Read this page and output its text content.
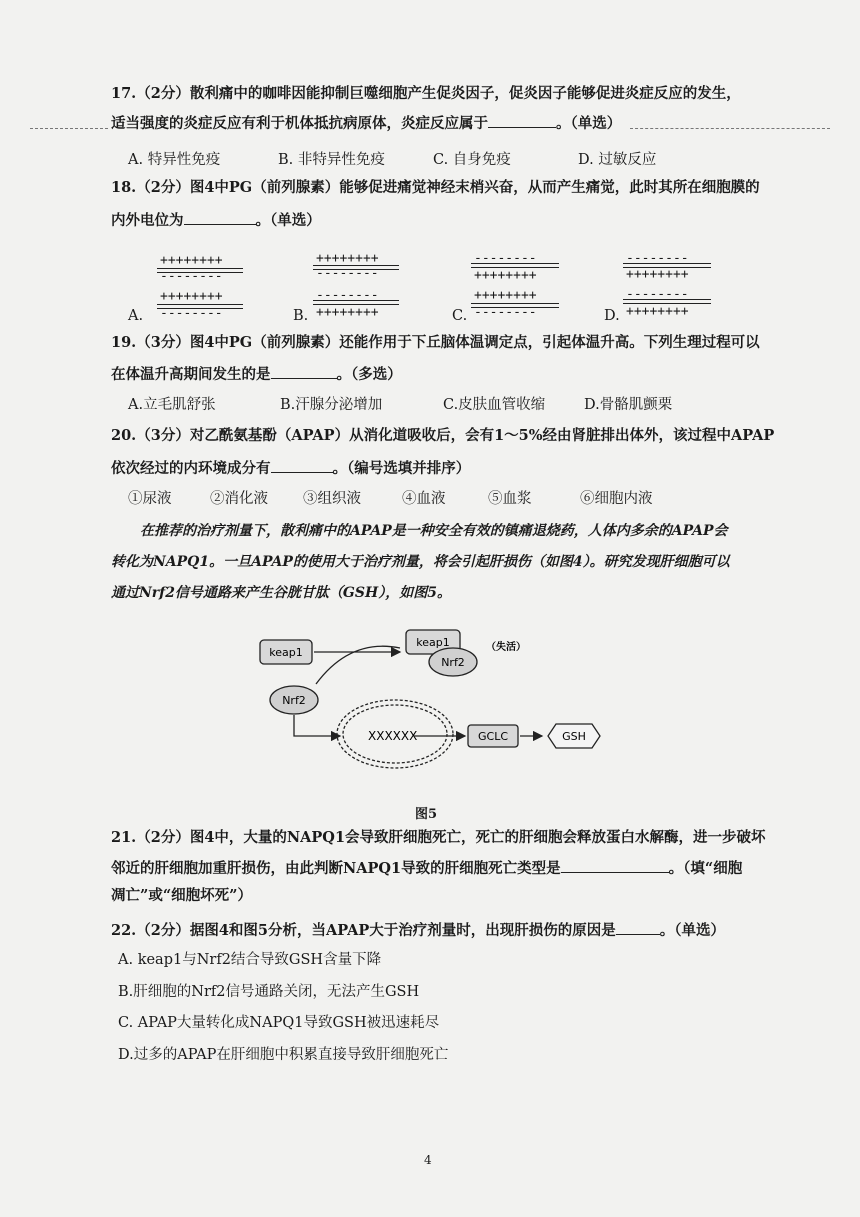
17.（2分）散利痛中的咖啡因能抑制巨噬细胞产生促炎因子，促炎因子能够促进炎症反应的发生，
适当强度的炎症反应有利于机体抵抗病原体，炎症反应属于	。（单选）
A. 特异性免疫	B. 非特异性免疫	C. 自身免疫	D. 过敏反应
18.（2分）图4中PG（前列腺素）能够促进痛觉神经末梢兴奋，从而产生痛觉，此时其所在细胞膜的
内外电位为	。（单选）
A.
++++++++
--------
++++++++
--------	B.
++++++++
--------
--------
++++++++	C.
--------
++++++++
++++++++
--------	D.
--------
++++++++
--------
++++++++
19.（3分）图4中PG（前列腺素）还能作用于下丘脑体温调定点，引起体温升高。下列生理过程可以
在体温升高期间发生的是	。（多选）
A.立毛肌舒张	B.汗腺分泌增加	C.皮肤血管收缩	D.骨骼肌颤栗
20.（3分）对乙酰氨基酚（APAP）从消化道吸收后，会有1～5%经由肾脏排出体外，该过程中APAP
依次经过的内环境成分有	。（编号选填并排序）
①尿液	②消化液 ③组织液	④血液	⑤血浆	⑥细胞内液
在推荐的治疗剂量下，散利痛中的APAP是一种安全有效的镇痛退烧药，人体内多余的APAP会
转化为NAPQ1。一旦APAP的使用大于治疗剂量，将会引起肝损伤（如图4）。研究发现肝细胞可以
通过Nrf2信号通路来产生谷胱甘肽（GSH），如图5。
keap1
keap1
Nrf2
（失活）
Nrf2
XXXXXX	GCLC	GSH
图5
21.（2分）图4中，大量的NAPQ1会导致肝细胞死亡，死亡的肝细胞会释放蛋白水解酶，进一步破坏
邻近的肝细胞加重肝损伤，由此判断NAPQ1导致的肝细胞死亡类型是	。（填“细胞
凋亡”或“细胞坏死”）
22.（2分）据图4和图5分析，当APAP大于治疗剂量时，出现肝损伤的原因是	。（单选）
A. keap1与Nrf2结合导致GSH含量下降
B.肝细胞的Nrf2信号通路关闭，无法产生GSH
C. APAP大量转化成NAPQ1导致GSH被迅速耗尽
D.过多的APAP在肝细胞中积累直接导致肝细胞死亡
4
